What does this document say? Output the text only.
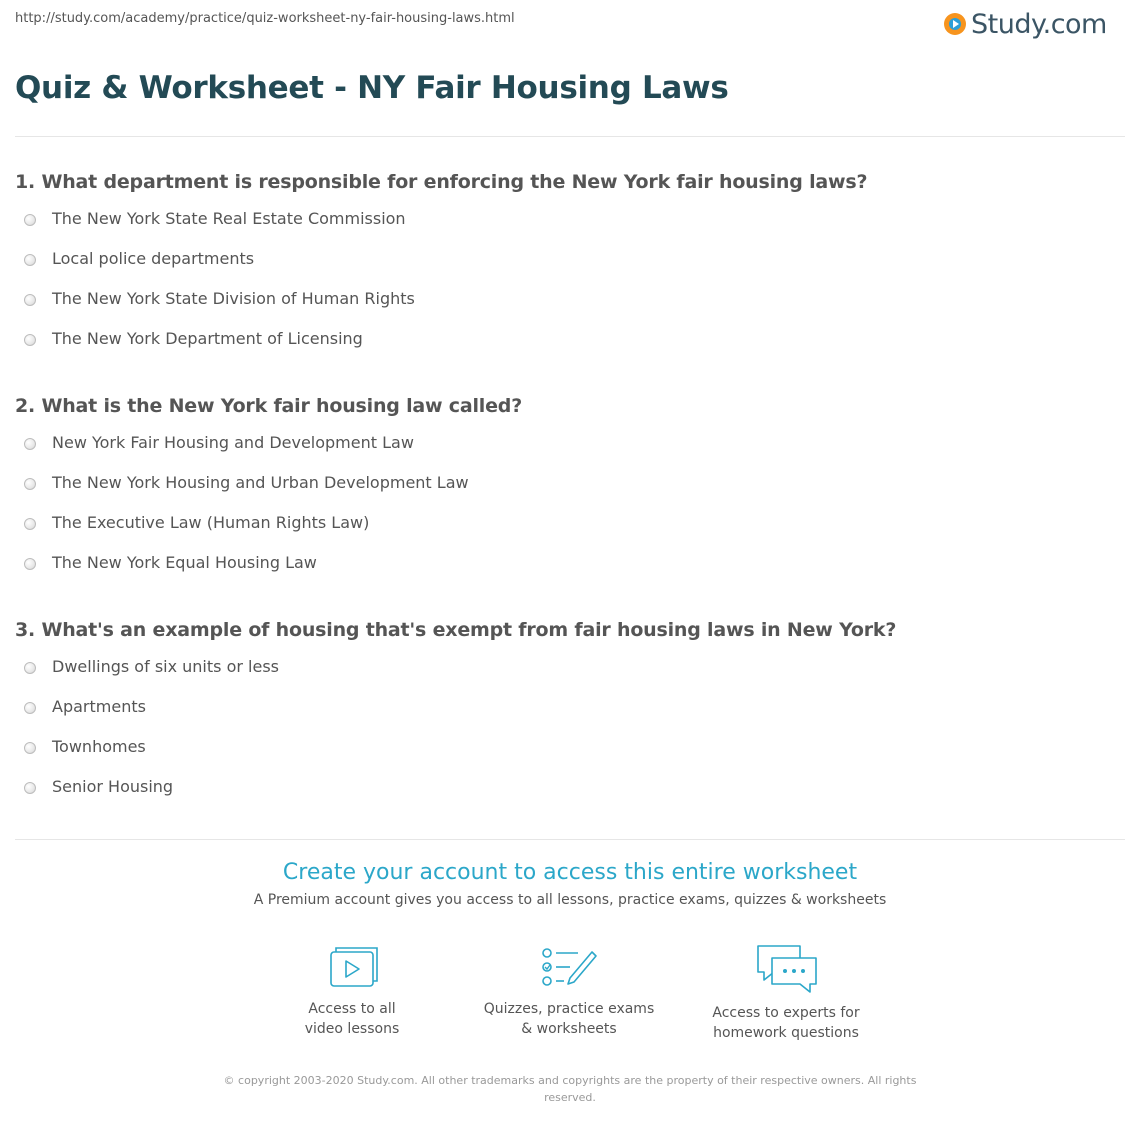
http://study.com/academy/practice/quiz-worksheet-ny-fair-housing-laws.html	Study.com
Quiz & Worksheet - NY Fair Housing Laws
1. What department is responsible for enforcing the New York fair housing laws?
The New York State Real Estate Commission
Local police departments
The New York State Division of Human Rights
The New York Department of Licensing
2. What is the New York fair housing law called?
New York Fair Housing and Development Law
The New York Housing and Urban Development Law
The Executive Law (Human Rights Law)
The New York Equal Housing Law
3. What's an example of housing that's exempt from fair housing laws in New York?
Dwellings of six units or less
Apartments
Townhomes
Senior Housing
Create your account to access this entire worksheet
A Premium account gives you access to all lessons, practice exams, quizzes & worksheets
Access to all
video lessons
Quizzes, practice exams
& worksheets
Access to experts for
homework questions
© copyright 2003-2020 Study.com. All other trademarks and copyrights are the property of their respective owners. All rights reserved.
